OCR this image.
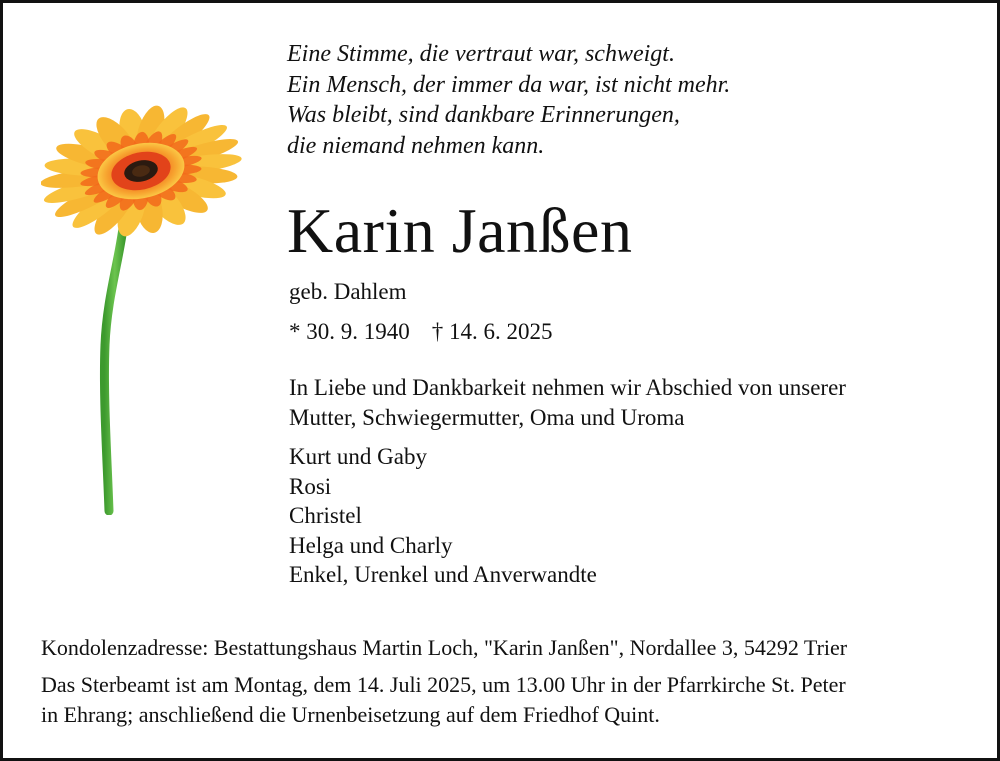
Eine Stimme, die vertraut war, schweigt.
Ein Mensch, der immer da war, ist nicht mehr.
Was bleibt, sind dankbare Erinnerungen,
die niemand nehmen kann.
Karin Janßen
geb. Dahlem
* 30. 9. 1940 † 14. 6. 2025
In Liebe und Dankbarkeit nehmen wir Abschied von unserer
Mutter, Schwiegermutter, Oma und Uroma
Kurt und Gaby
Rosi
Christel
Helga und Charly
Enkel, Urenkel und Anverwandte
Kondolenzadresse: Bestattungshaus Martin Loch, "Karin Janßen", Nordallee 3, 54292 Trier
Das Sterbeamt ist am Montag, dem 14. Juli 2025, um 13.00 Uhr in der Pfarrkirche St. Peter
in Ehrang; anschließend die Urnenbeisetzung auf dem Friedhof Quint.
